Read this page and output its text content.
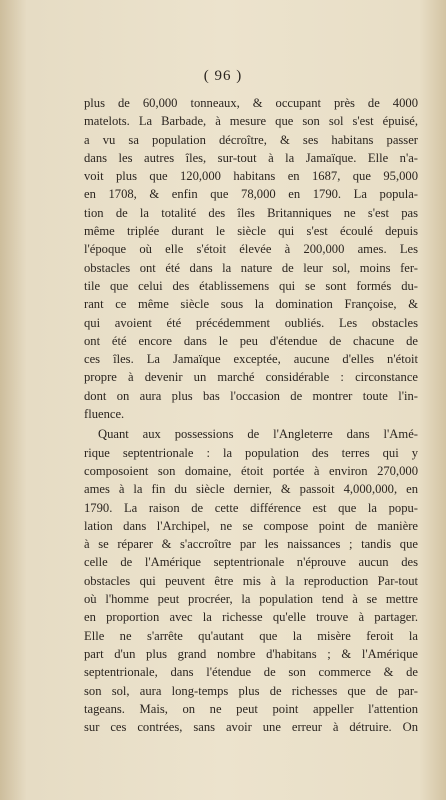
( 96 )
plus de 60,000 tonneaux, & occupant près de 4000
matelots. La Barbade, à mesure que son sol s'est épuisé,
a vu sa population décroître, & ses habitans passer
dans les autres îles, sur-tout à la Jamaïque. Elle n'a-
voit plus que 120,000 habitans en 1687, que 95,000
en 1708, & enfin que 78,000 en 1790. La popula-
tion de la totalité des îles Britanniques ne s'est pas
même triplée durant le siècle qui s'est écoulé depuis
l'époque où elle s'étoit élevée à 200,000 ames. Les
obstacles ont été dans la nature de leur sol, moins fer-
tile que celui des établissemens qui se sont formés du-
rant ce même siècle sous la domination Françoise, &
qui avoient été précédemment oubliés. Les obstacles
ont été encore dans le peu d'étendue de chacune de
ces îles. La Jamaïque exceptée, aucune d'elles n'étoit
propre à devenir un marché considérable : circonstance
dont on aura plus bas l'occasion de montrer toute l'in-
fluence.
Quant aux possessions de l'Angleterre dans l'Amé-
rique septentrionale : la population des terres qui y
composoient son domaine, étoit portée à environ 270,000
ames à la fin du siècle dernier, & passoit 4,000,000, en
1790. La raison de cette différence est que la popu-
lation dans l'Archipel, ne se compose point de manière
à se réparer & s'accroître par les naissances ; tandis que
celle de l'Amérique septentrionale n'éprouve aucun des
obstacles qui peuvent être mis à la reproduction Par-tout
où l'homme peut procréer, la population tend à se mettre
en proportion avec la richesse qu'elle trouve à partager.
Elle ne s'arrête qu'autant que la misère feroit la
part d'un plus grand nombre d'habitans ; & l'Amérique
septentrionale, dans l'étendue de son commerce & de
son sol, aura long-temps plus de richesses que de par-
tageans. Mais, on ne peut point appeller l'attention
sur ces contrées, sans avoir une erreur à détruire. On
